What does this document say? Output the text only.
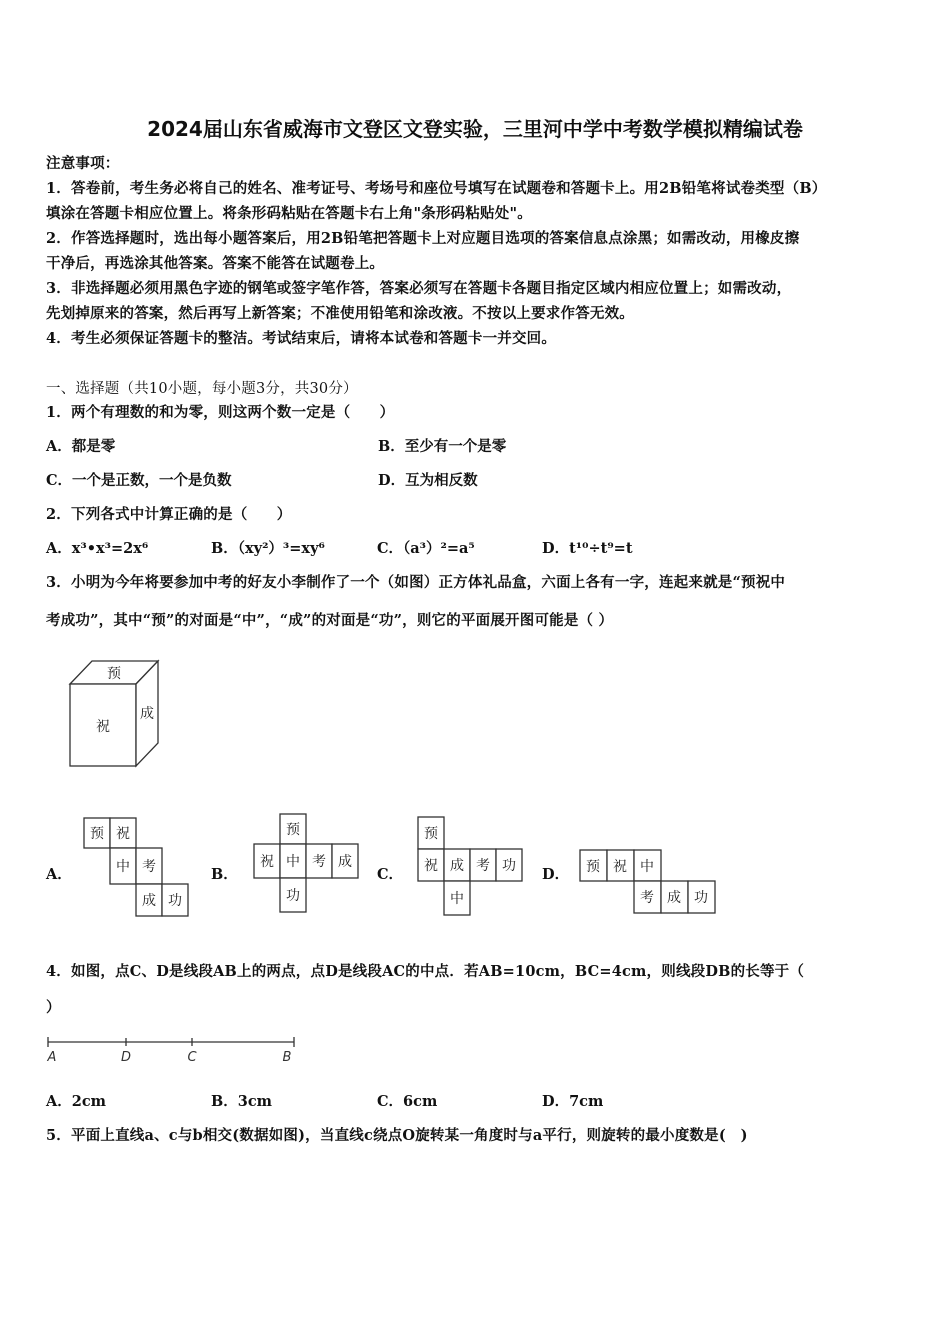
2024届山东省威海市文登区文登实验，三里河中学中考数学模拟精编试卷
注意事项：
1．答卷前，考生务必将自己的姓名、准考证号、考场号和座位号填写在试题卷和答题卡上。用2B铅笔将试卷类型（B）
填涂在答题卡相应位置上。将条形码粘贴在答题卡右上角"条形码粘贴处"。
2．作答选择题时，选出每小题答案后，用2B铅笔把答题卡上对应题目选项的答案信息点涂黑；如需改动，用橡皮擦
干净后，再选涂其他答案。答案不能答在试题卷上。
3．非选择题必须用黑色字迹的钢笔或签字笔作答，答案必须写在答题卡各题目指定区域内相应位置上；如需改动，
先划掉原来的答案，然后再写上新答案；不准使用铅笔和涂改液。不按以上要求作答无效。
4．考生必须保证答题卡的整洁。考试结束后，请将本试卷和答题卡一并交回。
一、选择题（共10小题，每小题3分，共30分）
1．两个有理数的和为零，则这两个数一定是（　　）
A．都是零	B．至少有一个是零
C．一个是正数，一个是负数	D．互为相反数
2．下列各式中计算正确的是（　　）
A．x³•x³=2x⁶	B．（xy²）³=xy⁶	C．（a³）²=a⁵	D．t¹⁰÷t⁹=t
3．小明为今年将要参加中考的好友小李制作了一个（如图）正方体礼品盒，六面上各有一字，连起来就是“预祝中
考成功”，其中“预”的对面是“中”，“成”的对面是“功”，则它的平面展开图可能是（ ）
预
祝
成
A．	B．	C．	D．
预 祝
中 考
成 功
预
祝 中 考 成
功
预
祝 成 考 功
中
预 祝 中
考 成 功
4．如图，点C、D是线段AB上的两点，点D是线段AC的中点．若AB=10cm，BC=4cm，则线段DB的长等于（
）
A	D	C	B
A．2cm	B．3cm	C．6cm	D．7cm
5．平面上直线a、c与b相交(数据如图)，当直线c绕点O旋转某一角度时与a平行，则旋转的最小度数是(　)
